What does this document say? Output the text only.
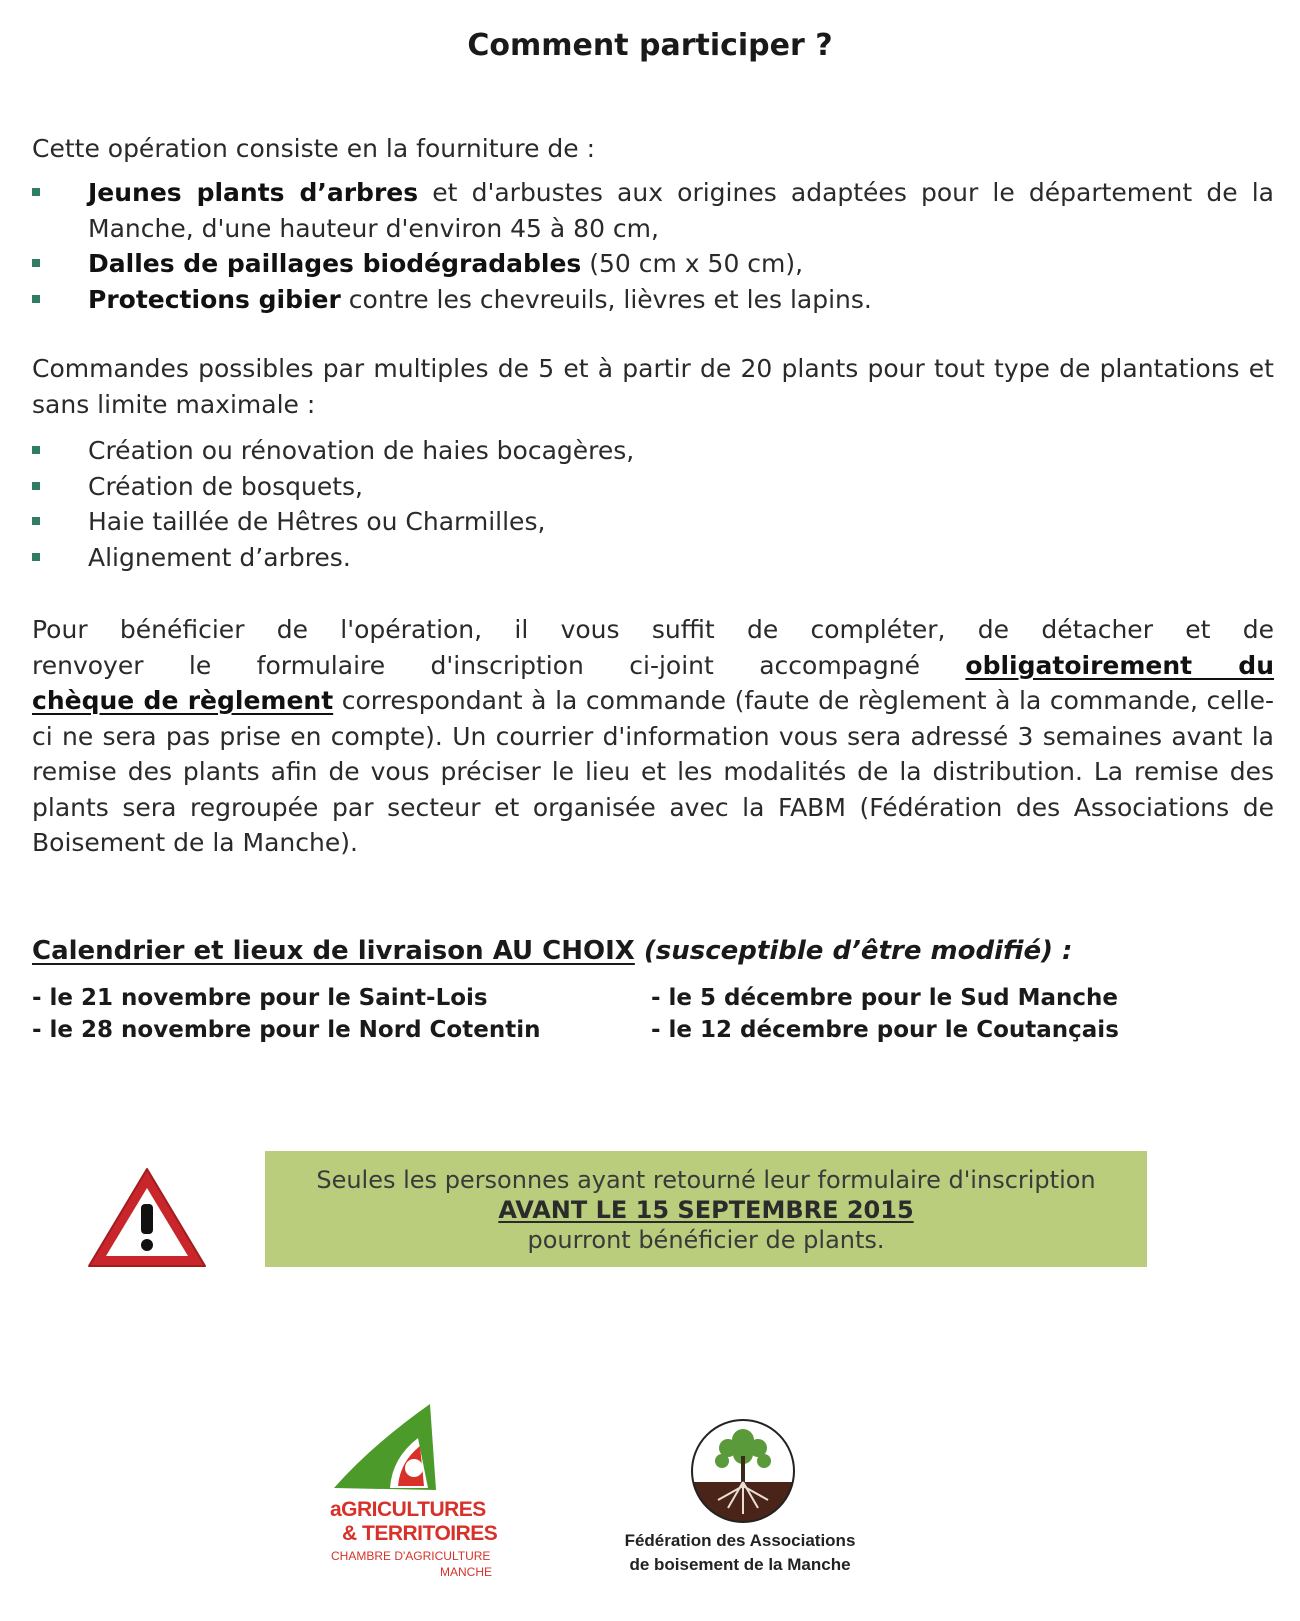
Comment participer ?

Cette opération consiste en la fourniture de :

Jeunes plants d’arbres et d'arbustes aux origines adaptées pour le département de la Manche, d'une hauteur d'environ 45 à 80 cm,
Dalles de paillages biodégradables (50 cm x 50 cm),
Protections gibier contre les chevreuils, lièvres et les lapins.

Commandes possibles par multiples de 5 et à partir de 20 plants pour tout type de plantations et sans limite maximale :

Création ou rénovation de haies bocagères,
Création de bosquets,
Haie taillée de Hêtres ou Charmilles,
Alignement d’arbres.

Pour bénéficier de l'opération, il vous suffit de compléter, de détacher et de
renvoyer le formulaire d'inscription ci-joint accompagné obligatoirement du
chèque de règlement correspondant à la commande (faute de règlement à la commande, celle-ci ne sera pas prise en compte). Un courrier d'information vous sera adressé 3 semaines avant la remise des plants afin de vous préciser le lieu et les modalités de la distribution. La remise des plants sera regroupée par secteur et organisée avec la FABM (Fédération des Associations de Boisement de la Manche).

Calendrier et lieux de livraison AU CHOIX (susceptible d’être modifié) :
- le 21 novembre pour le Saint-Lois
- le 28 novembre pour le Nord Cotentin
- le 5 décembre pour le Sud Manche
- le 12 décembre pour le Coutançais
Seules les personnes ayant retourné leur formulaire d'inscription
AVANT LE 15 SEPTEMBRE 2015
pourront bénéficier de plants.
aGRICULTURES
& TERRITOIRES
CHAMBRE D'AGRICULTURE
MANCHE
Fédération des Associations
de boisement de la Manche
